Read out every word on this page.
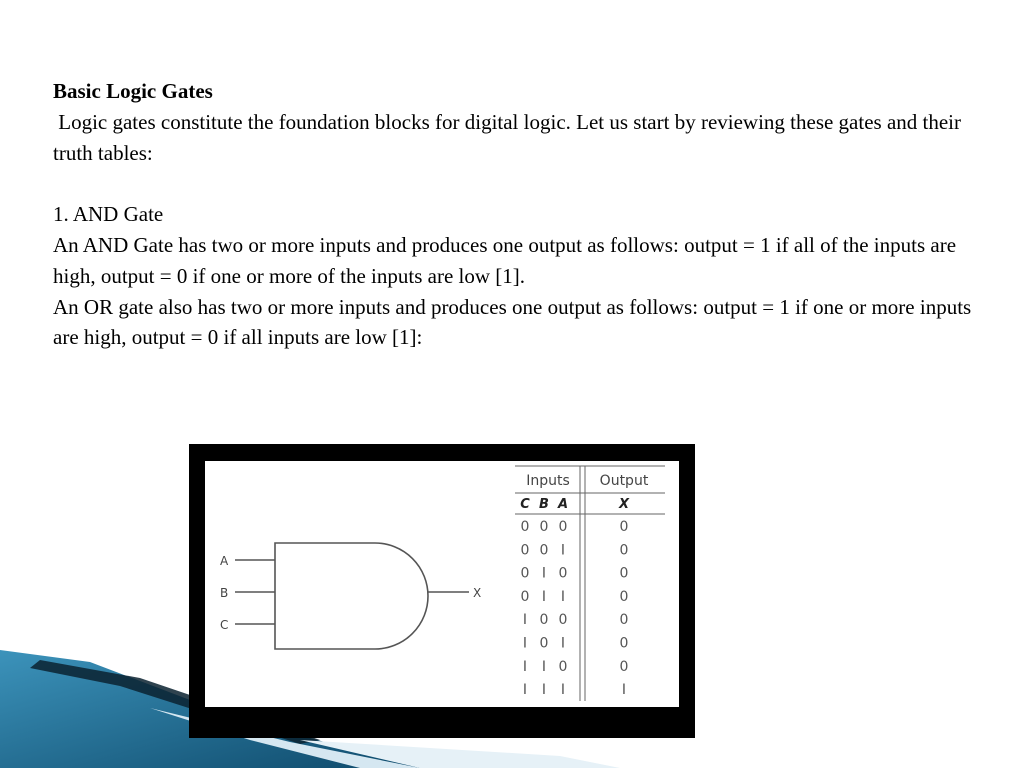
Basic Logic Gates

Logic gates constitute the foundation blocks for digital logic. Let us start by reviewing these gates and their truth tables:

1. AND Gate

An AND Gate has two or more inputs and produces one output as follows: output = 1 if all of the inputs are high, output = 0 if one or more of the inputs are low [1].

An OR gate also has two or more inputs and produces one output as follows: output = 1 if one or more inputs are high, output = 0 if all inputs are low [1]:

A
B
C
X
Inputs Output
C B A	X
0 0 0	0
0 0 I	0
0 I 0	0
0 I I	0
I 0 0	0
I 0 I	0
I I 0	0
I I I	I
